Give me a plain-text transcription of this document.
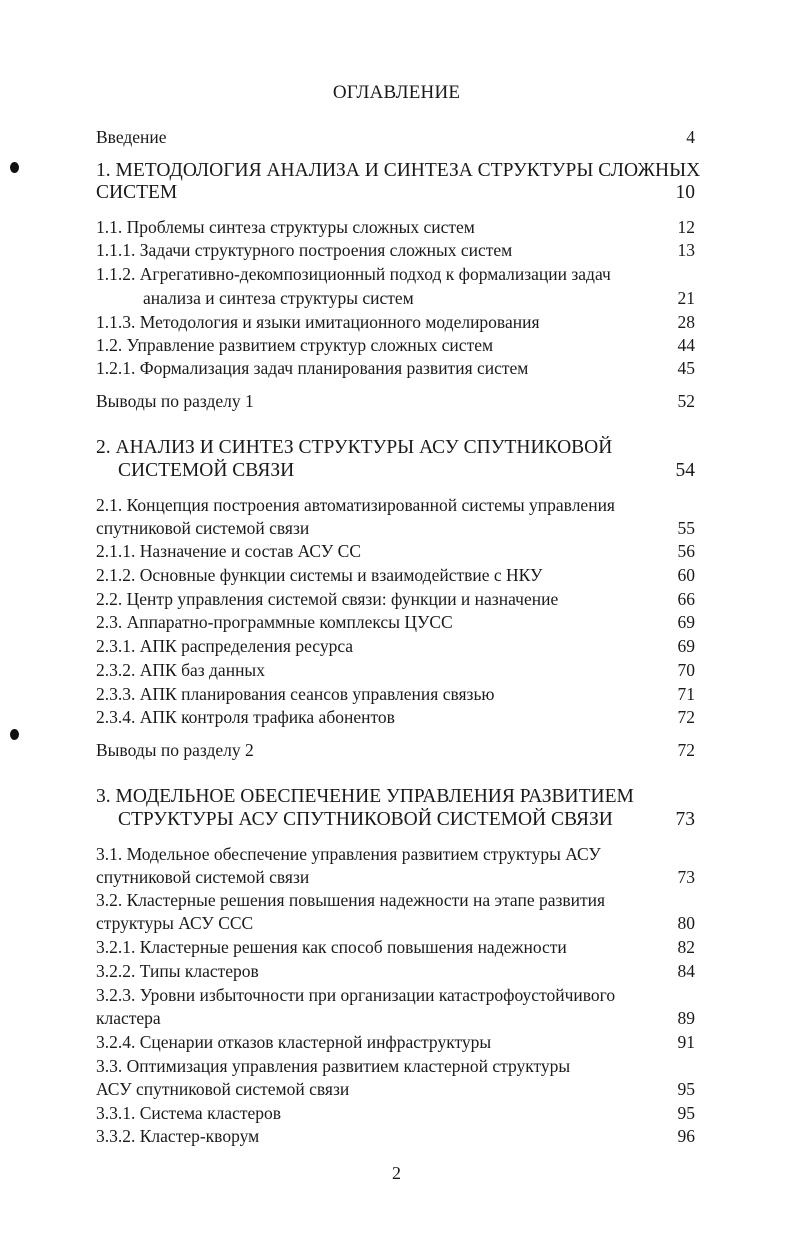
ОГЛАВЛЕНИЕ
Введение	4
1. МЕТОДОЛОГИЯ АНАЛИЗА И СИНТЕЗА СТРУКТУРЫ СЛОЖНЫХ
СИСТЕМ	10
1.1. Проблемы синтеза структуры сложных систем	12
1.1.1. Задачи структурного построения сложных систем	13
1.1.2. Агрегативно-декомпозиционный подход к формализации задач
анализа и синтеза структуры систем	21
1.1.3. Методология и языки имитационного моделирования	28
1.2. Управление развитием структур сложных систем	44
1.2.1. Формализация задач планирования развития систем	45
Выводы по разделу 1	52
2. АНАЛИЗ И СИНТЕЗ СТРУКТУРЫ АСУ СПУТНИКОВОЙ
СИСТЕМОЙ СВЯЗИ	54
2.1. Концепция построения автоматизированной системы управления
спутниковой системой связи	55
2.1.1. Назначение и состав АСУ СС	56
2.1.2. Основные функции системы и взаимодействие с НКУ	60
2.2. Центр управления системой связи: функции и назначение	66
2.3. Аппаратно-программные комплексы ЦУСС	69
2.3.1. АПК распределения ресурса	69
2.3.2. АПК баз данных	70
2.3.3. АПК планирования сеансов управления связью	71
2.3.4. АПК контроля трафика абонентов	72
Выводы по разделу 2	72
3. МОДЕЛЬНОЕ ОБЕСПЕЧЕНИЕ УПРАВЛЕНИЯ РАЗВИТИЕМ
СТРУКТУРЫ АСУ СПУТНИКОВОЙ СИСТЕМОЙ СВЯЗИ	73
3.1. Модельное обеспечение управления развитием структуры АСУ
спутниковой системой связи	73
3.2. Кластерные решения повышения надежности на этапе развития
структуры АСУ ССС	80
3.2.1. Кластерные решения как способ повышения надежности	82
3.2.2. Типы кластеров	84
3.2.3. Уровни избыточности при организации катастрофоустойчивого
кластера	89
3.2.4. Сценарии отказов кластерной инфраструктуры	91
3.3. Оптимизация управления развитием кластерной структуры
АСУ спутниковой системой связи	95
3.3.1. Система кластеров	95
3.3.2. Кластер-кворум	96
2
